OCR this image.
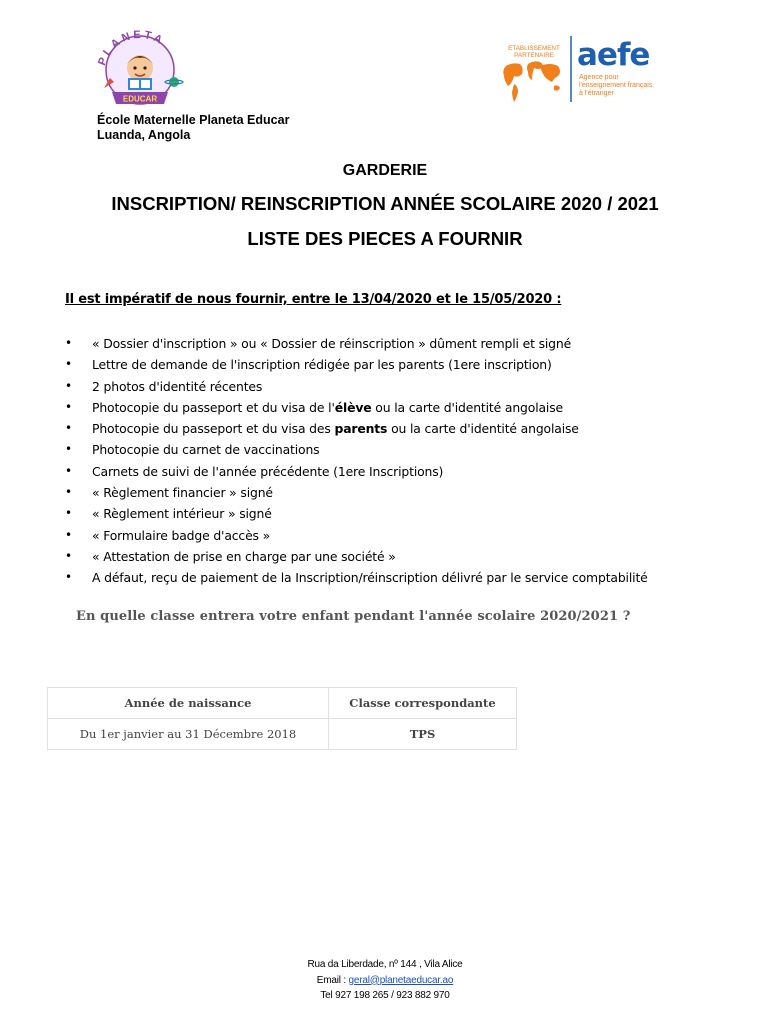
PLANETA
EDUCAR
École Maternelle Planeta Educar
Luanda, Angola
ETABLISSEMENT
PARTENAIRE aefe
Agence pour
l'enseignement français
à l'étranger
GARDERIE
INSCRIPTION/ REINSCRIPTION ANNÉE SCOLAIRE 2020 / 2021
LISTE DES PIECES A FOURNIR
Il est impératif de nous fournir, entre le 13/04/2020 et le 15/05/2020 :
• « Dossier d'inscription » ou « Dossier de réinscription » dûment rempli et signé
• Lettre de demande de l'inscription rédigée par les parents (1ere inscription)
• 2 photos d'identité récentes
• Photocopie du passeport et du visa de l'élève ou la carte d'identité angolaise
• Photocopie du passeport et du visa des parents ou la carte d'identité angolaise
• Photocopie du carnet de vaccinations
• Carnets de suivi de l'année précédente (1ere Inscriptions)
• « Règlement financier » signé
• « Règlement intérieur » signé
• « Formulaire badge d'accès »
• « Attestation de prise en charge par une société »
• A défaut, reçu de paiement de la Inscription/réinscription délivré par le service comptabilité
En quelle classe entrera votre enfant pendant l'année scolaire 2020/2021 ?
Année de naissance	Classe correspondante
Du 1er janvier au 31 Décembre 2018	TPS
Rua da Liberdade, nº 144 , Vila Alice
Email : geral@planetaeducar.ao
Tel 927 198 265 / 923 882 970
